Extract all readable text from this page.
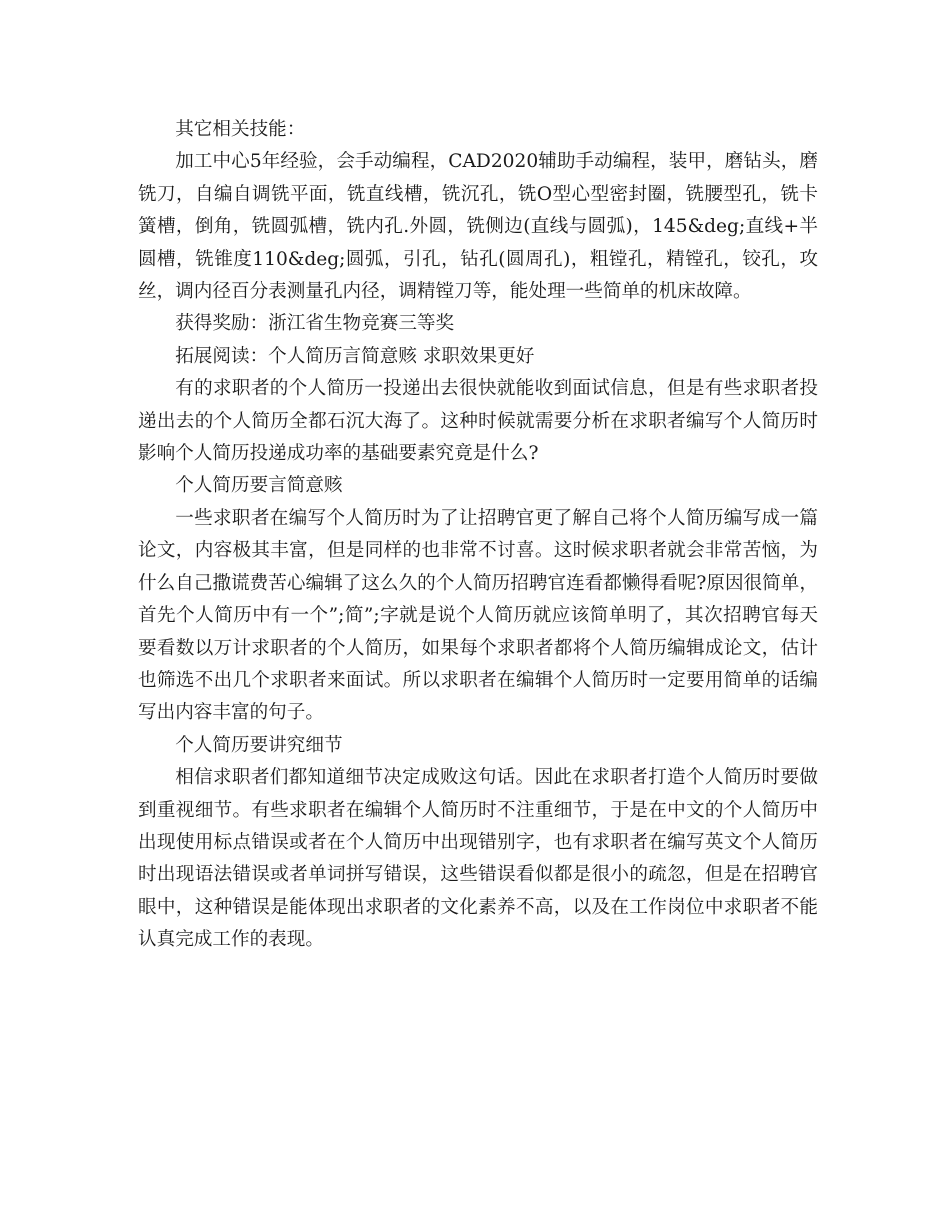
其它相关技能：

加工中心5年经验，会手动编程，CAD2020辅助手动编程，装甲，磨钻头，磨铣刀，自编自调铣平面，铣直线槽，铣沉孔，铣O型心型密封圈，铣腰型孔，铣卡簧槽，倒角，铣圆弧槽，铣内孔.外圆，铣侧边(直线与圆弧)，145&deg;直线+半圆槽，铣锥度110&deg;圆弧，引孔，钻孔(圆周孔)，粗镗孔，精镗孔，铰孔，攻丝，调内径百分表测量孔内径，调精镗刀等，能处理一些简单的机床故障。

获得奖励：浙江省生物竞赛三等奖

拓展阅读：个人简历言简意赅 求职效果更好

有的求职者的个人简历一投递出去很快就能收到面试信息，但是有些求职者投递出去的个人简历全都石沉大海了。这种时候就需要分析在求职者编写个人简历时影响个人简历投递成功率的基础要素究竟是什么?

个人简历要言简意赅

一些求职者在编写个人简历时为了让招聘官更了解自己将个人简历编写成一篇论文，内容极其丰富，但是同样的也非常不讨喜。这时候求职者就会非常苦恼，为什么自己撒谎费苦心编辑了这么久的个人简历招聘官连看都懒得看呢?原因很简单，首先个人简历中有一个”;简”;字就是说个人简历就应该简单明了，其次招聘官每天要看数以万计求职者的个人简历，如果每个求职者都将个人简历编辑成论文，估计也筛选不出几个求职者来面试。所以求职者在编辑个人简历时一定要用简单的话编写出内容丰富的句子。

个人简历要讲究细节

相信求职者们都知道细节决定成败这句话。因此在求职者打造个人简历时要做到重视细节。有些求职者在编辑个人简历时不注重细节，于是在中文的个人简历中出现使用标点错误或者在个人简历中出现错别字，也有求职者在编写英文个人简历时出现语法错误或者单词拼写错误，这些错误看似都是很小的疏忽，但是在招聘官眼中，这种错误是能体现出求职者的文化素养不高，以及在工作岗位中求职者不能认真完成工作的表现。
